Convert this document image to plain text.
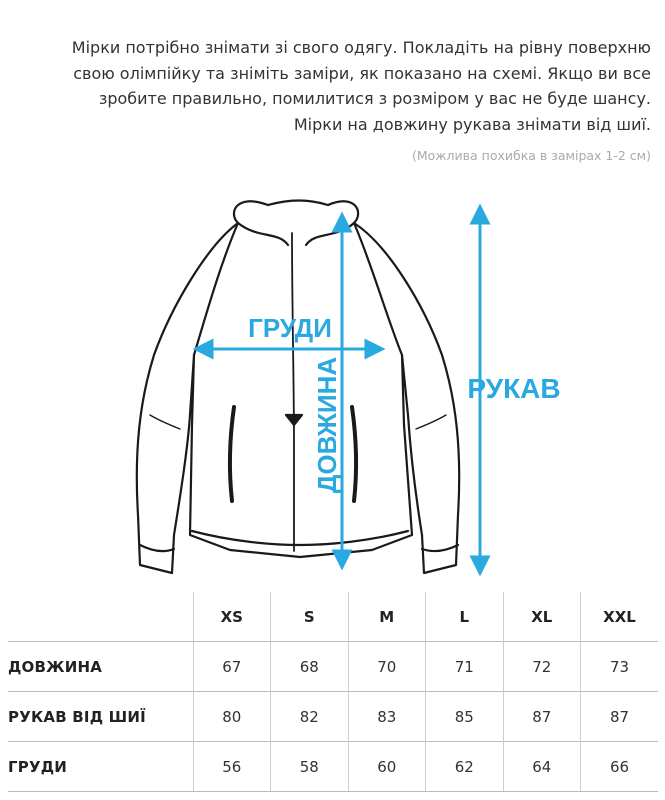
Мірки потрібно знімати зі свого одягу. Покладіть на рівну поверхню
свою олімпійку та зніміть заміри, як показано на схемі. Якщо ви все
зробите правильно, помилитися з розміром у вас не буде шансу.
Мірки на довжину рукава знімати від шиї.
(Можлива похибка в замірах 1-2 см)
ГРУДИ
ДОВЖИНА	РУКАВ
	XS	S	M	L	XL	XXL
ДОВЖИНА	67	68	70	71	72	73
РУКАВ ВІД ШИЇ	80	82	83	85	87	87
ГРУДИ	56	58	60	62	64	66
